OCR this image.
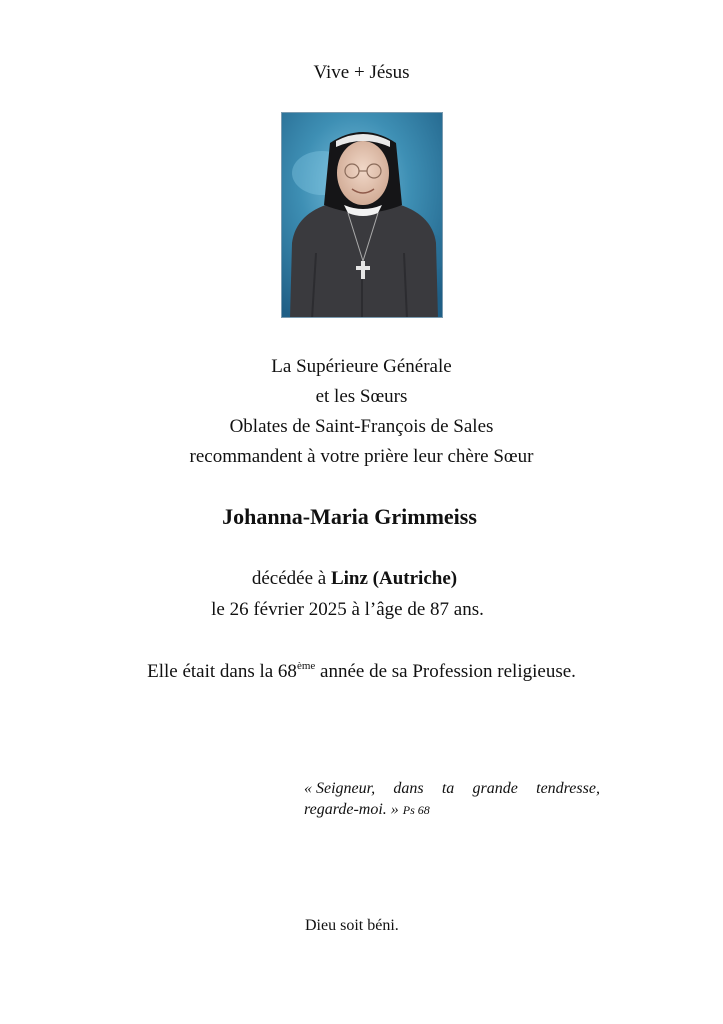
Vive + Jésus
La Supérieure Générale
et les Sœurs
Oblates de Saint-François de Sales
recommandent à votre prière leur chère Sœur
Johanna-Maria Grimmeiss
décédée à Linz (Autriche)
le 26 février 2025 à l’âge de 87 ans.
Elle était dans la 68ème année de sa Profession religieuse.
« Seigneur, dans ta grande tendresse,
regarde-moi. » Ps 68
Dieu soit béni.
